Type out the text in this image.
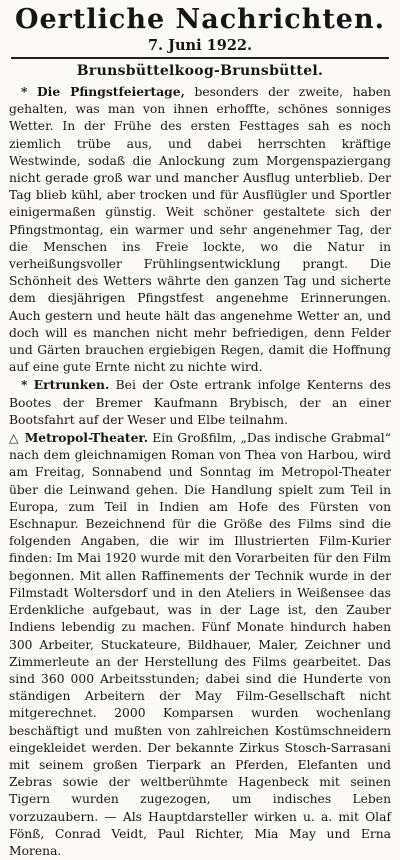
Oertliche Nachrichten.
7. Juni 1922.
Brunsbüttelkoog-Brunsbüttel.

* Die Pfingstfeiertage, besonders der zweite, haben gehalten, was man von ihnen erhoffte, schönes sonniges Wetter. In der Frühe des ersten Festtages sah es noch ziemlich trübe aus, und dabei herrschten kräftige Westwinde, sodaß die Anlockung zum Morgenspaziergang nicht gerade groß war und mancher Ausflug unterblieb. Der Tag blieb kühl, aber trocken und für Ausflügler und Sportler einigermaßen günstig. Weit schöner gestaltete sich der Pfingstmontag, ein warmer und sehr angenehmer Tag, der die Menschen ins Freie lockte, wo die Natur in verheißungsvoller Frühlingsentwicklung prangt. Die Schönheit des Wetters währte den ganzen Tag und sicherte dem diesjährigen Pfingstfest angenehme Erinnerungen. Auch gestern und heute hält das angenehme Wetter an, und doch will es manchen nicht mehr befriedigen, denn Felder und Gärten brauchen ergiebigen Regen, damit die Hoffnung auf eine gute Ernte nicht zu nichte wird.

* Ertrunken. Bei der Oste ertrank infolge Kenterns des Bootes der Bremer Kaufmann Brybisch, der an einer Bootsfahrt auf der Weser und Elbe teilnahm.

△ Metropol-Theater. Ein Großfilm, „Das indische Grabmal“ nach dem gleichnamigen Roman von Thea von Harbou, wird am Freitag, Sonnabend und Sonntag im Metropol-Theater über die Leinwand gehen. Die Handlung spielt zum Teil in Europa, zum Teil in Indien am Hofe des Fürsten von Eschnapur. Bezeichnend für die Größe des Films sind die folgenden Angaben, die wir im Illustrierten Film-Kurier finden: Im Mai 1920 wurde mit den Vorarbeiten für den Film begonnen. Mit allen Raffinements der Technik wurde in der Filmstadt Woltersdorf und in den Ateliers in Weißensee das Erdenkliche aufgebaut, was in der Lage ist, den Zauber Indiens lebendig zu machen. Fünf Monate hindurch haben 300 Arbeiter, Stuckateure, Bildhauer, Maler, Zeichner und Zimmerleute an der Herstellung des Films gearbeitet. Das sind 360 000 Arbeitsstunden; dabei sind die Hunderte von ständigen Arbeitern der May Film-Gesellschaft nicht mitgerechnet. 2000 Komparsen wurden wochenlang beschäftigt und mußten von zahlreichen Kostümschneidern eingekleidet werden. Der bekannte Zirkus Stosch-Sarrasani mit seinem großen Tierpark an Pferden, Elefanten und Zebras sowie der weltberühmte Hagenbeck mit seinen Tigern wurden zugezogen, um indisches Leben vorzuzaubern. — Als Hauptdarsteller wirken u. a. mit Olaf Fönß, Conrad Veidt, Paul Richter, Mia May und Erna Morena.
